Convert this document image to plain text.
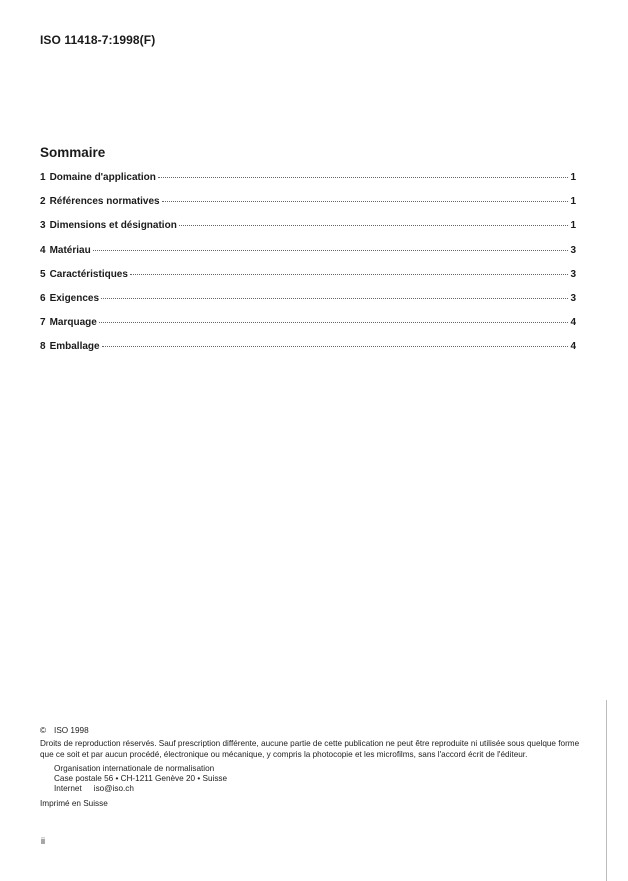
ISO 11418-7:1998(F)
Sommaire
1 Domaine d'application	1
2 Références normatives	1
3 Dimensions et désignation	1
4 Matériau	3
5 Caractéristiques	3
6 Exigences	3
7 Marquage	4
8 Emballage	4
© ISO 1998
Droits de reproduction réservés. Sauf prescription différente, aucune partie de cette publication ne peut être reproduite ni utilisée sous quelque forme que ce soit et par aucun procédé, électronique ou mécanique, y compris la photocopie et les microfilms, sans l'accord écrit de l'éditeur.
Organisation internationale de normalisation
Case postale 56 • CH-1211 Genève 20 • Suisse
Internet iso@iso.ch
Imprimé en Suisse
ii
